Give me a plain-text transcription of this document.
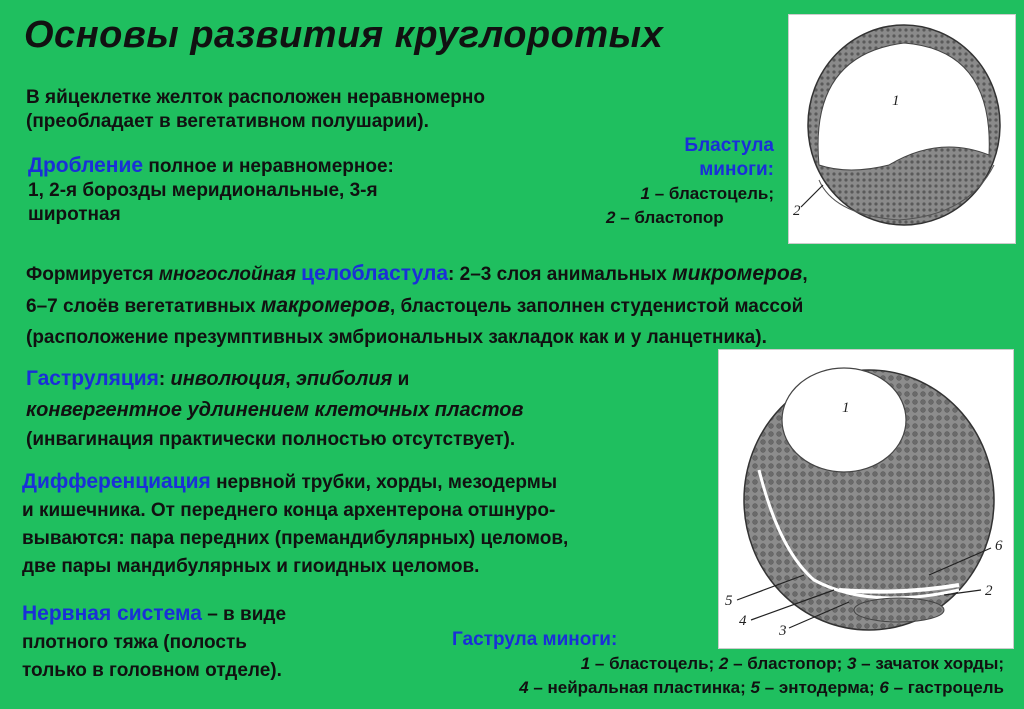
Основы развития круглоротых
В яйцеклетке желток расположен неравномерно
(преобладает в вегетативном полушарии).
Дробление полное и неравномерное:
1, 2-я борозды меридиональные, 3-я
широтная
1
2
Бластула
миноги:
1 – бластоцель;
2 – бластопор
Формируется многослойная целобластула: 2–3 слоя анимальных микромеров,
6–7 слоёв вегетативных макромеров, бластоцель заполнен студенистой массой
(расположение презумптивных эмбриональных закладок как и у ланцетника).
1
2
3
4
5
6
Гаструляция: инволюция, эпиболия и
конвергентное удлинением клеточных пластов
(инвагинация практически полностью отсутствует).
Дифференциация нервной трубки, хорды, мезодермы
и кишечника. От переднего конца архентерона отшнуро-
вываются: пара передних (премандибулярных) целомов,
две пары мандибулярных и гиоидных целомов.
Нервная система – в виде
плотного тяжа (полость
только в головном отделе).
Гаструла миноги:
1 – бластоцель; 2 – бластопор; 3 – зачаток хорды;
4 – нейральная пластинка; 5 – энтодерма; 6 – гастроцель
